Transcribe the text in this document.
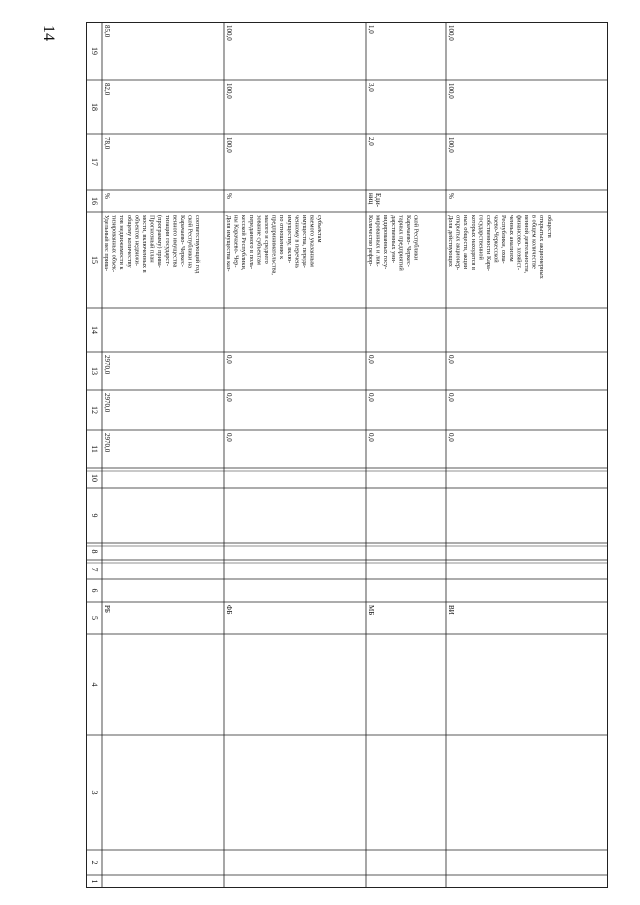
14
19
18
17
16
15
14
13
12
11
10
9
8
7
6
5
4
3
2
1
85,0
82,0
78,0
2970,0
2970,0
2970,0
РБ
%
Удельный вес прива- тизированных объек- тов недвижимости к общему количеству объектов недвижи- мости, включенных в Прогнозный план (программу) прива- тизации государст- венного имущества Карачаево- Черкес- ской Республики на соответствующий год
100,0
100,0
100,0
0,0
0,0
0,0
ФБ
%
Доля имущества каз- ны Карачаево- Чер- кесской Республики, переданного в поль- зование субъектам малого и среднего предпринимательства, по отношению к имуществу, вклю- ченному в перечень имущества, переда- ваемого указанным субъектам
1,0
3,0
2,0
0,0
0,0
0,0
МБ
Еди-
ниц
Количество рефор- мированных и лик- видированных госу- дарственных уни- тарных предприятий Карачаево- Черкес- ской Республики
100,0
100,0
100,0
0,0
0,0
0,0
ВИ
%
Доля действующих открытых акционер- ных обществ, акции которых находятся в государственной собственности Кара- чаево-Черкесской Республики, охва- ченных анализом финансово- хозяйст- венной деятельности, в общем количестве открытых акционерных обществ
